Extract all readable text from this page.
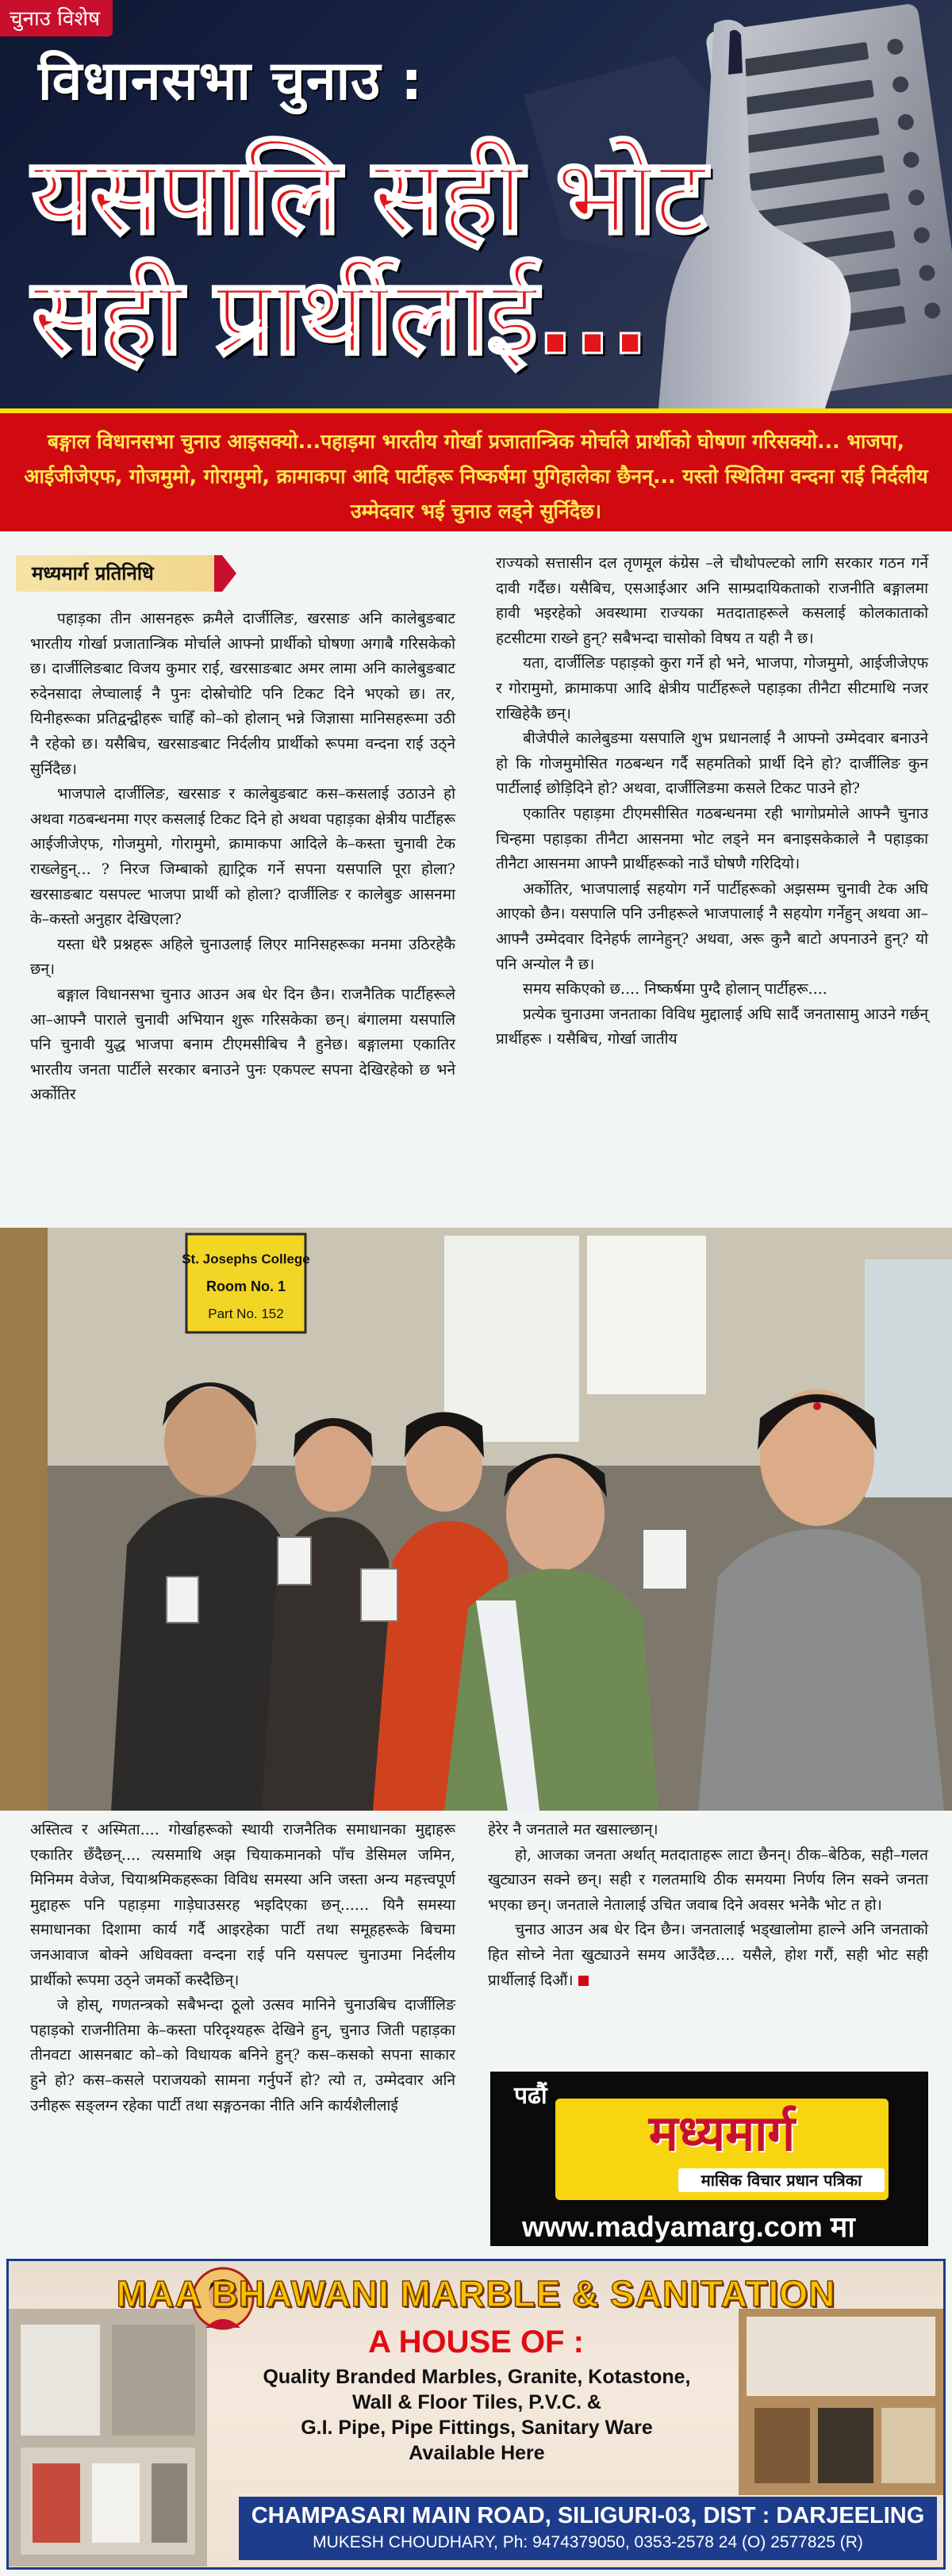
चुनाउ विशेष
विधानसभा चुनाउ :
यसपालि सही भोट
सही प्रार्थीलाई...
बङ्गाल विधानसभा चुनाउ आइसक्यो...पहाड़मा भारतीय गोर्खा प्रजातान्त्रिक मोर्चाले प्रार्थीको घोषणा गरिसक्यो... भाजपा, आईजीजेएफ, गोजमुमो, गोरामुमो, क्रामाकपा आदि पार्टीहरू निष्कर्षमा पुगिहालेका छैनन्... यस्तो स्थितिमा वन्दना राई निर्दलीय उम्मेदवार भई चुनाउ लड्ने सुर्निदैछ।
मध्यमार्ग प्रतिनिधि

पहाड़का तीन आसनहरू क्रमैले दार्जीलिङ, खरसाङ अनि कालेबुङबाट भारतीय गोर्खा प्रजातान्त्रिक मोर्चाले आफ्नो प्रार्थीको घोषणा अगाबै गरिसकेको छ। दार्जीलिङबाट विजय कुमार राई, खरसाङबाट अमर लामा अनि कालेबुङबाट रुदेनसादा लेप्चालाई नै पुनः दोस्रोचोटि पनि टिकट दिने भएको छ। तर, यिनीहरूका प्रतिद्वन्द्वीहरू चाहिँ को–को होलान् भन्ने जिज्ञासा मानिसहरूमा उठी नै रहेको छ। यसैबिच, खरसाङबाट निर्दलीय प्रार्थीको रूपमा वन्दना राई उठ्ने सुर्निदैछ।

भाजपाले दार्जीलिङ, खरसाङ र कालेबुङबाट कस–कसलाई उठाउने हो अथवा गठबन्धनमा गएर कसलाई टिकट दिने हो अथवा पहाड़का क्षेत्रीय पार्टीहरू आईजीजेएफ, गोजमुमो, गोरामुमो, क्रामाकपा आदिले के–कस्ता चुनावी टेक राख्लेहुन्... ? निरज जिम्बाको ह्याट्रिक गर्ने सपना यसपालि पूरा होला? खरसाङबाट यसपल्ट भाजपा प्रार्थी को होला? दार्जीलिङ र कालेबुङ आसनमा के–कस्तो अनुहार देखिएला?

यस्ता धेरै प्रश्नहरू अहिले चुनाउलाई लिएर मानिसहरूका मनमा उठिरहेकै छन्।

बङ्गाल विधानसभा चुनाउ आउन अब धेर दिन छैन। राजनैतिक पार्टीहरूले आ–आफ्नै पाराले चुनावी अभियान शुरू गरिसकेका छन्। बंगालमा यसपालि पनि चुनावी युद्ध भाजपा बनाम टीएमसीबिच नै हुनेछ। बङ्गालमा एकातिर भारतीय जनता पार्टीले सरकार बनाउने पुनः एकपल्ट सपना देखिरहेको छ भने अर्कोतिर

राज्यको सत्तासीन दल तृणमूल कंग्रेस –ले चौथोपल्टको लागि सरकार गठन गर्ने दावी गर्दैछ। यसैबिच, एसआईआर अनि साम्प्रदायिकताको राजनीति बङ्गालमा हावी भइरहेको अवस्थामा राज्यका मतदाताहरूले कसलाई कोलकाताको हटसीटमा राख्ने हुन्? सबैभन्दा चासोको विषय त यही नै छ।

यता, दार्जीलिङ पहाड़को कुरा गर्ने हो भने, भाजपा, गोजमुमो, आईजीजेएफ र गोरामुमो, क्रामाकपा आदि क्षेत्रीय पार्टीहरूले पहाड़का तीनैटा सीटमाथि नजर राखिहेकै छन्।

बीजेपीले कालेबुङमा यसपालि शुभ प्रधानलाई नै आफ्नो उम्मेदवार बनाउने हो कि गोजमुमोसित गठबन्धन गर्दै सहमतिको प्रार्थी दिने हो? दार्जीलिङ कुन पार्टीलाई छोड़िदिने हो? अथवा, दार्जीलिङमा कसले टिकट पाउने हो?

एकातिर पहाड़मा टीएमसीसित गठबन्धनमा रही भागोप्रमोले आफ्नै चुनाउ चिन्हमा पहाड़का तीनैटा आसनमा भोट लड्ने मन बनाइसकेकाले नै पहाड़का तीनैटा आसनमा आफ्नै प्रार्थीहरूको नाउँ घोषणै गरिदियो।

अर्कोतिर, भाजपालाई सहयोग गर्ने पार्टीहरूको अझसम्म चुनावी टेक अघि आएको छैन। यसपालि पनि उनीहरूले भाजपालाई नै सहयोग गर्नेहुन् अथवा आ–आफ्नै उम्मेदवार दिनेहर्फ लाग्नेहुन्? अथवा, अरू कुनै बाटो अपनाउने हुन्? यो पनि अन्योल नै छ।

समय सकिएको छ.... निष्कर्षमा पुग्दै होलान् पार्टीहरू....

प्रत्येक चुनाउमा जनताका विविध मुद्दालाई अघि सार्दै जनतासामु आउने गर्छन् प्रार्थीहरू । यसैबिच, गोर्खा जातीय

St. Josephs College
Room No. 1
Part No. 152

अस्तित्व र अस्मिता.... गोर्खाहरूको स्थायी राजनैतिक समाधानका मुद्दाहरू एकातिर छँदैछन्.... त्यसमाथि अझ चियाकमानको पाँच डेसिमल जमिन, मिनिमम वेजेज, चियाश्रमिकहरूका विविध समस्या अनि जस्ता अन्य महत्त्वपूर्ण मुद्दाहरू पनि पहाड़मा गाड़ेघाउसरह भइदिएका छन्...... यिनै समस्या समाधानका दिशामा कार्य गर्दै आइरहेका पार्टी तथा समूहहरूके बिचमा जनआवाज बोक्ने अधिवक्ता वन्दना राई पनि यसपल्ट चुनाउमा निर्दलीय प्रार्थीको रूपमा उठ्ने जमर्को कस्दैछिन्।

जे होस्, गणतन्त्रको सबैभन्दा ठूलो उत्सव मानिने चुनाउबिच दार्जीलिङ पहाड़को राजनीतिमा के–कस्ता परिदृश्यहरू देखिने हुन्, चुनाउ जिती पहाड़का तीनवटा आसनबाट को–को विधायक बनिने हुन्? कस–कसको सपना साकार हुने हो? कस–कसले पराजयको सामना गर्नुपर्ने हो? त्यो त, उम्मेदवार अनि उनीहरू सङ्लग्न रहेका पार्टी तथा सङ्गठनका नीति अनि कार्यशैलीलाई

हेरेर नै जनताले मत खसाल्छान्।

हो, आजका जनता अर्थात् मतदाताहरू लाटा छैनन्। ठीक–बेठिक, सही–गलत खुट्याउन सक्ने छन्। सही र गलतमाथि ठीक समयमा निर्णय लिन सक्ने जनता भएका छन्। जनताले नेतालाई उचित जवाब दिने अवसर भनेकै भोट त हो।

चुनाउ आउन अब धेर दिन छैन। जनतालाई भड्खालोमा हाल्ने अनि जनताको हित सोच्ने नेता खुट्याउने समय आउँदैछ.... यसैले, होश गरौं, सही भोट सही प्रार्थीलाई दिऔं।

पढौं
मध्यमार्ग
मासिक विचार प्रधान पत्रिका
www.madyamarg.com मा
MAA BHAWANI MARBLE & SANITATION
A HOUSE OF :
Quality Branded Marbles, Granite, Kotastone,
Wall & Floor Tiles, P.V.C. &
G.I. Pipe, Pipe Fittings, Sanitary Ware
Available Here
CHAMPASARI MAIN ROAD, SILIGURI-03, DIST : DARJEELING
MUKESH CHOUDHARY, Ph: 9474379050, 0353-2578 24 (O) 2577825 (R)
